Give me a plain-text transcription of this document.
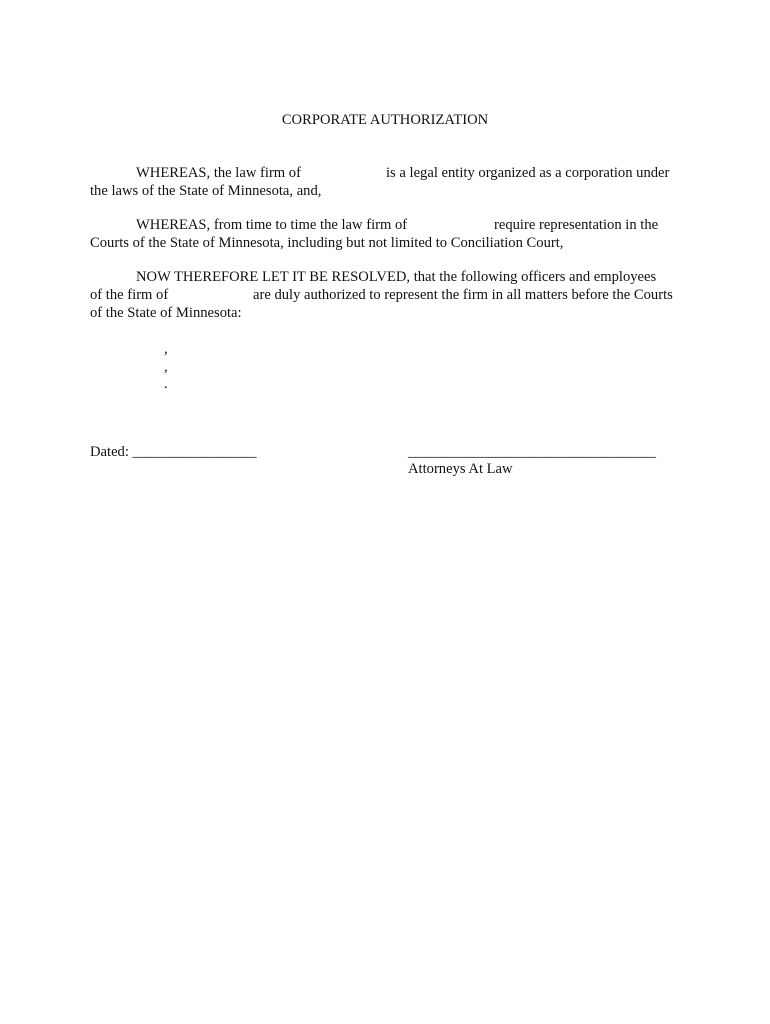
CORPORATE AUTHORIZATION
WHEREAS, the law firm of	is a legal entity organized as a corporation under
the laws of the State of Minnesota, and,
WHEREAS, from time to time the law firm of	require representation in the
Courts of the State of Minnesota, including but not limited to Conciliation Court,
NOW THEREFORE LET IT BE RESOLVED, that the following officers and employees
of the firm of	are duly authorized to represent the firm in all matters before the Courts
of the State of Minnesota:
,
,
.
Dated: _________________	__________________________________
Attorneys At Law
